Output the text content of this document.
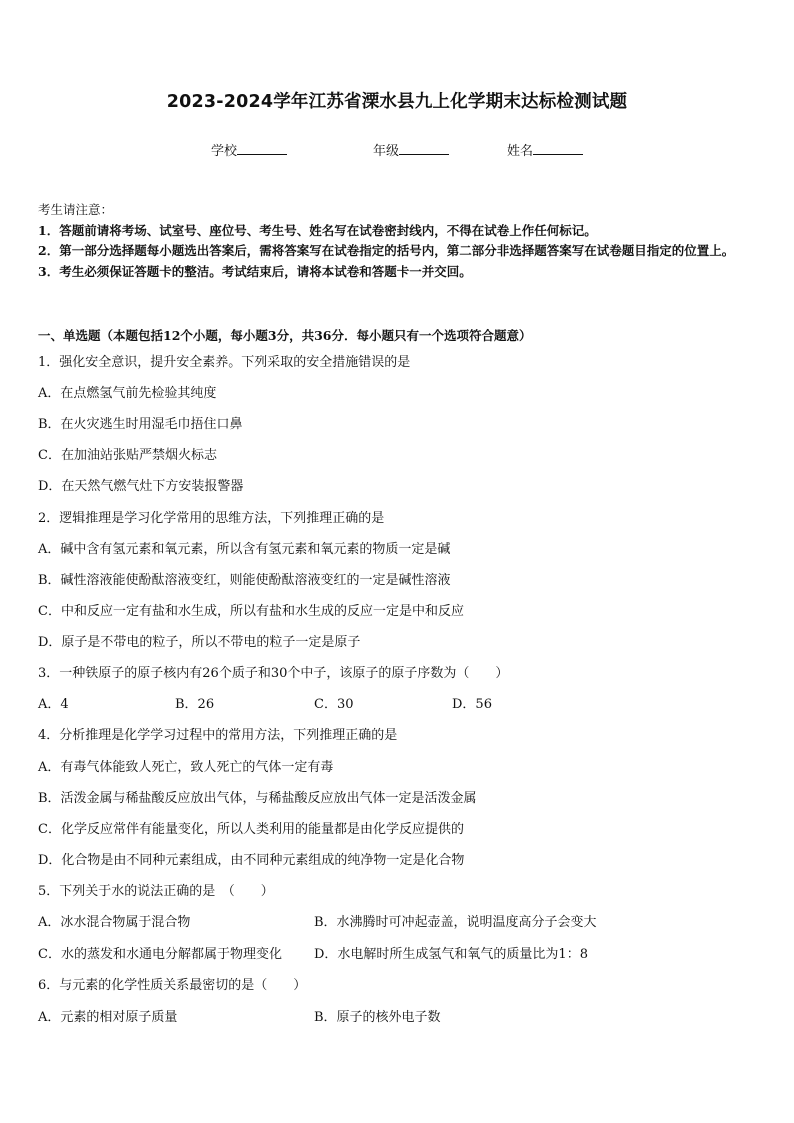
2023-2024学年江苏省溧水县九上化学期末达标检测试题
学校	年级	姓名
考生请注意：
1．答题前请将考场、试室号、座位号、考生号、姓名写在试卷密封线内，不得在试卷上作任何标记。
2．第一部分选择题每小题选出答案后，需将答案写在试卷指定的括号内，第二部分非选择题答案写在试卷题目指定的位置上。
3．考生必须保证答题卡的整洁。考试结束后，请将本试卷和答题卡一并交回。
一、单选题（本题包括12个小题，每小题3分，共36分．每小题只有一个选项符合题意）
1．强化安全意识，提升安全素养。下列采取的安全措施错误的是
A．在点燃氢气前先检验其纯度
B．在火灾逃生时用湿毛巾捂住口鼻
C．在加油站张贴严禁烟火标志
D．在天然气燃气灶下方安装报警器
2．逻辑推理是学习化学常用的思维方法，下列推理正确的是
A．碱中含有氢元素和氧元素，所以含有氢元素和氧元素的物质一定是碱
B．碱性溶液能使酚酞溶液变红，则能使酚酞溶液变红的一定是碱性溶液
C．中和反应一定有盐和水生成，所以有盐和水生成的反应一定是中和反应
D．原子是不带电的粒子，所以不带电的粒子一定是原子
3．一种铁原子的原子核内有26个质子和30个中子，该原子的原子序数为（　　）
A．4	B．26	C．30	D．56
4．分析推理是化学学习过程中的常用方法，下列推理正确的是
A．有毒气体能致人死亡，致人死亡的气体一定有毒
B．活泼金属与稀盐酸反应放出气体，与稀盐酸反应放出气体一定是活泼金属
C．化学反应常伴有能量变化，所以人类利用的能量都是由化学反应提供的
D．化合物是由不同种元素组成，由不同种元素组成的纯净物一定是化合物
5．下列关于水的说法正确的是　（　　）
A．冰水混合物属于混合物	B．水沸腾时可冲起壶盖，说明温度高分子会变大
C．水的蒸发和水通电分解都属于物理变化 D．水电解时所生成氢气和氧气的质量比为1：8
6．与元素的化学性质关系最密切的是（　　）
A．元素的相对原子质量	B．原子的核外电子数
